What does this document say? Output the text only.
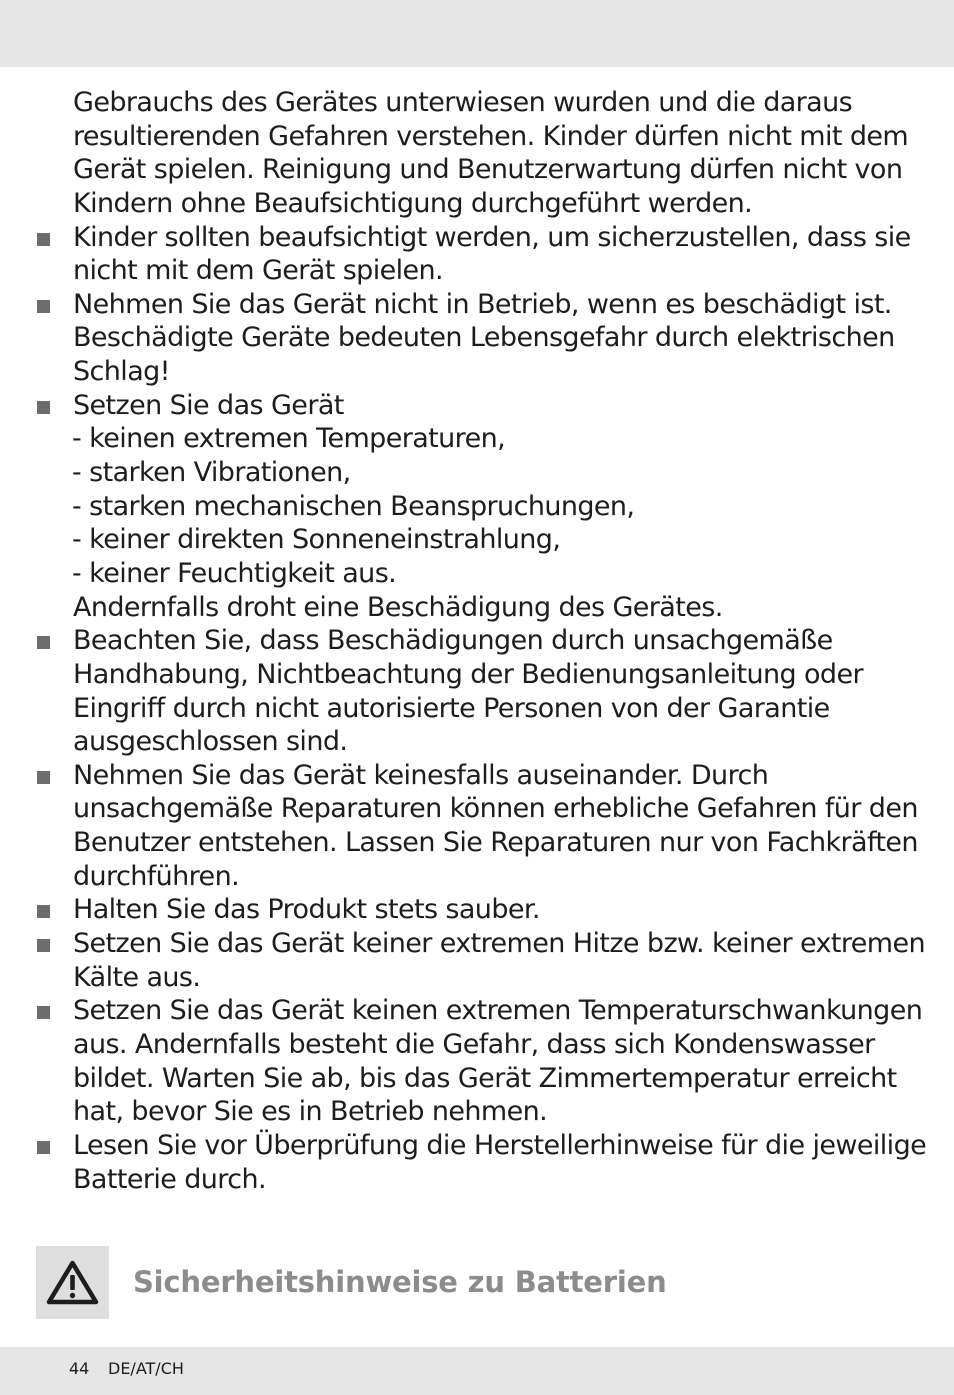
Gebrauchs des Gerätes unterwiesen wurden und die daraus
resultierenden Gefahren verstehen. Kinder dürfen nicht mit dem
Gerät spielen. Reinigung und Benutzerwartung dürfen nicht von
Kindern ohne Beaufsichtigung durchgeführt werden.
Kinder sollten beaufsichtigt werden, um sicherzustellen, dass sie
nicht mit dem Gerät spielen.
Nehmen Sie das Gerät nicht in Betrieb, wenn es beschädigt ist.
Beschädigte Geräte bedeuten Lebensgefahr durch elektrischen
Schlag!
Setzen Sie das Gerät
- keinen extremen Temperaturen,
- starken Vibrationen,
- starken mechanischen Beanspruchungen,
- keiner direkten Sonneneinstrahlung,
- keiner Feuchtigkeit aus.
Andernfalls droht eine Beschädigung des Gerätes.
Beachten Sie, dass Beschädigungen durch unsachgemäße
Handhabung, Nichtbeachtung der Bedienungsanleitung oder
Eingriff durch nicht autorisierte Personen von der Garantie
ausgeschlossen sind.
Nehmen Sie das Gerät keinesfalls auseinander. Durch
unsachgemäße Reparaturen können erhebliche Gefahren für den
Benutzer entstehen. Lassen Sie Reparaturen nur von Fachkräften
durchführen.
Halten Sie das Produkt stets sauber.
Setzen Sie das Gerät keiner extremen Hitze bzw. keiner extremen
Kälte aus.
Setzen Sie das Gerät keinen extremen Temperaturschwankungen
aus. Andernfalls besteht die Gefahr, dass sich Kondenswasser
bildet. Warten Sie ab, bis das Gerät Zimmertemperatur erreicht
hat, bevor Sie es in Betrieb nehmen.
Lesen Sie vor Überprüfung die Herstellerhinweise für die jeweilige
Batterie durch.
Sicherheitshinweise zu Batterien
44 DE/AT/CH
